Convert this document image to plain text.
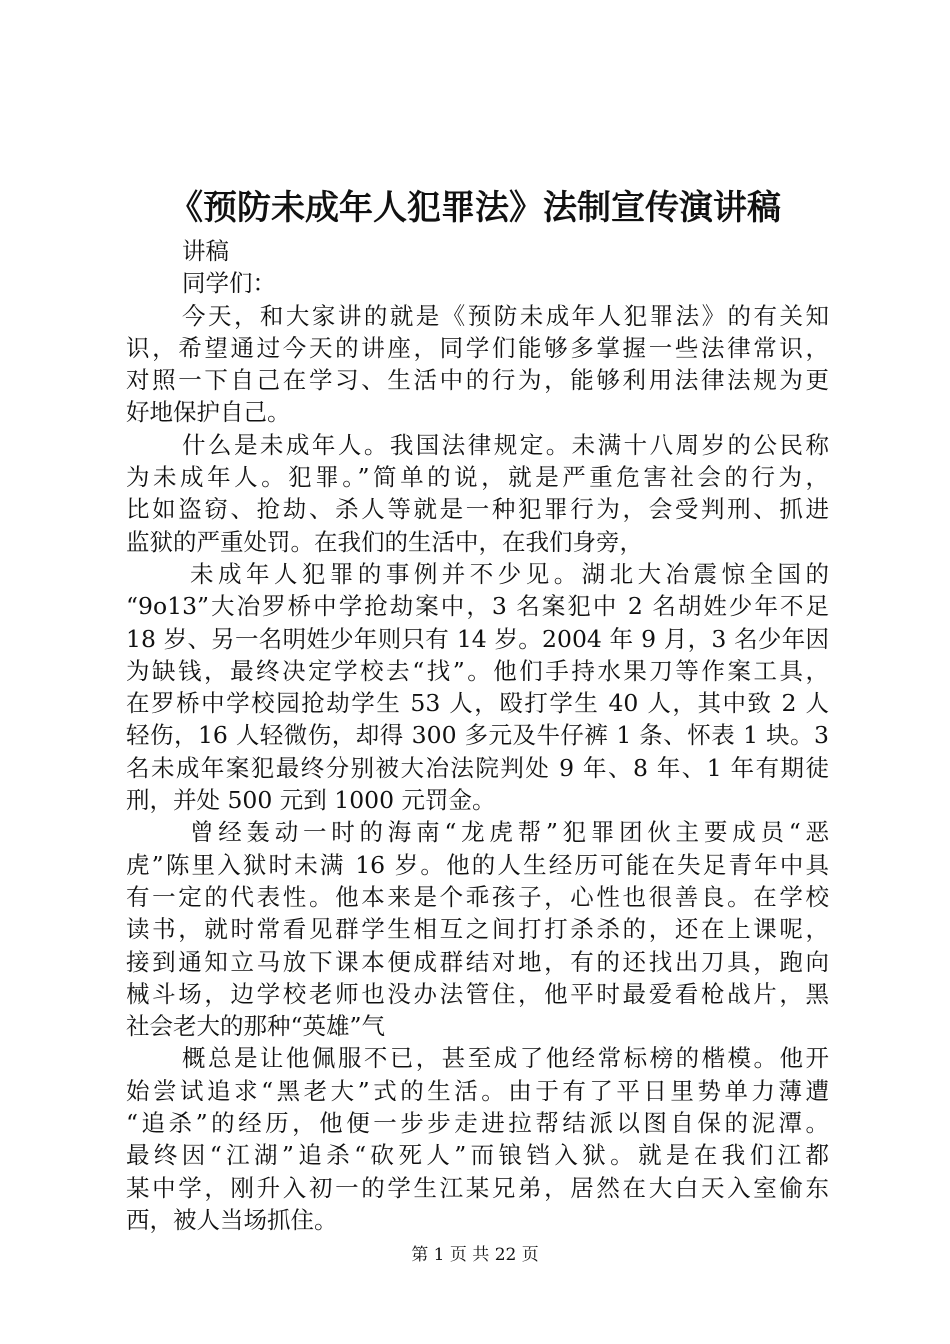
《预防未成年人犯罪法》法制宣传演讲稿
讲稿
同学们：
今天，和大家讲的就是《预防未成年人犯罪法》的有关知
识，希望通过今天的讲座，同学们能够多掌握一些法律常识，
对照一下自己在学习、生活中的行为，能够利用法律法规为更
好地保护自己。
什么是未成年人。我国法律规定。未满十八周岁的公民称
为未成年人。犯罪。”简单的说，就是严重危害社会的行为，
比如盗窃、抢劫、杀人等就是一种犯罪行为，会受判刑、抓进
监狱的严重处罚。在我们的生活中，在我们身旁，
未成年人犯罪的事例并不少见。湖北大冶震惊全国的
“9o13”大冶罗桥中学抢劫案中，3 名案犯中 2 名胡姓少年不足
18 岁、另一名明姓少年则只有 14 岁。2004 年 9 月，3 名少年因
为缺钱，最终决定学校去“找”。他们手持水果刀等作案工具，
在罗桥中学校园抢劫学生 53 人，殴打学生 40 人，其中致 2 人
轻伤，16 人轻微伤，却得 300 多元及牛仔裤 1 条、怀表 1 块。3
名未成年案犯最终分别被大冶法院判处 9 年、8 年、1 年有期徒
刑，并处 500 元到 1000 元罚金。
曾经轰动一时的海南“龙虎帮”犯罪团伙主要成员“恶
虎”陈里入狱时未满 16 岁。他的人生经历可能在失足青年中具
有一定的代表性。他本来是个乖孩子，心性也很善良。在学校
读书，就时常看见群学生相互之间打打杀杀的，还在上课呢，
接到通知立马放下课本便成群结对地，有的还找出刀具，跑向
械斗场，边学校老师也没办法管住，他平时最爱看枪战片，黑
社会老大的那种“英雄”气
概总是让他佩服不已，甚至成了他经常标榜的楷模。他开
始尝试追求“黑老大”式的生活。由于有了平日里势单力薄遭
“追杀”的经历，他便一步步走进拉帮结派以图自保的泥潭。
最终因“江湖”追杀“砍死人”而锒铛入狱。就是在我们江都
某中学，刚升入初一的学生江某兄弟，居然在大白天入室偷东
西，被人当场抓住。
第 1 页 共 22 页
